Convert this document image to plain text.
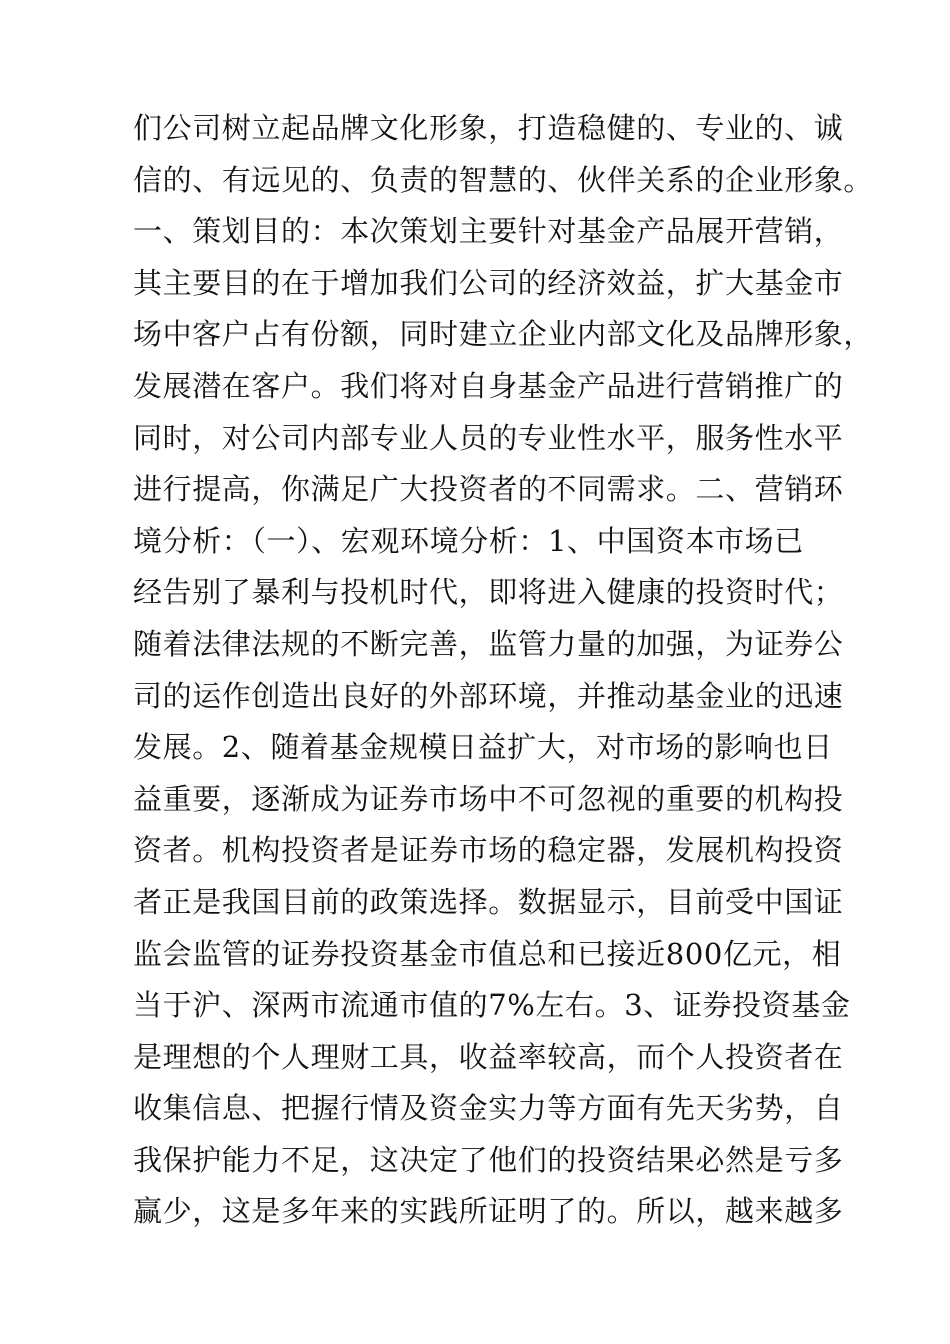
们公司树立起品牌文化形象，打造稳健的、专业的、诚
信的、有远见的、负责的智慧的、伙伴关系的企业形象。
一、策划目的：本次策划主要针对基金产品展开营销，
其主要目的在于增加我们公司的经济效益，扩大基金市
场中客户占有份额，同时建立企业内部文化及品牌形象，
发展潜在客户。我们将对自身基金产品进行营销推广的
同时，对公司内部专业人员的专业性水平，服务性水平
进行提高，你满足广大投资者的不同需求。二、营销环
境分析：（一）、宏观环境分析：1、中国资本市场已
经告别了暴利与投机时代，即将进入健康的投资时代；
随着法律法规的不断完善，监管力量的加强，为证券公
司的运作创造出良好的外部环境，并推动基金业的迅速
发展。2、随着基金规模日益扩大，对市场的影响也日
益重要，逐渐成为证券市场中不可忽视的重要的机构投
资者。机构投资者是证券市场的稳定器，发展机构投资
者正是我国目前的政策选择。数据显示，目前受中国证
监会监管的证券投资基金市值总和已接近800亿元，相
当于沪、深两市流通市值的7%左右。3、证券投资基金
是理想的个人理财工具，收益率较高，而个人投资者在
收集信息、把握行情及资金实力等方面有先天劣势，自
我保护能力不足，这决定了他们的投资结果必然是亏多
赢少，这是多年来的实践所证明了的。所以，越来越多
